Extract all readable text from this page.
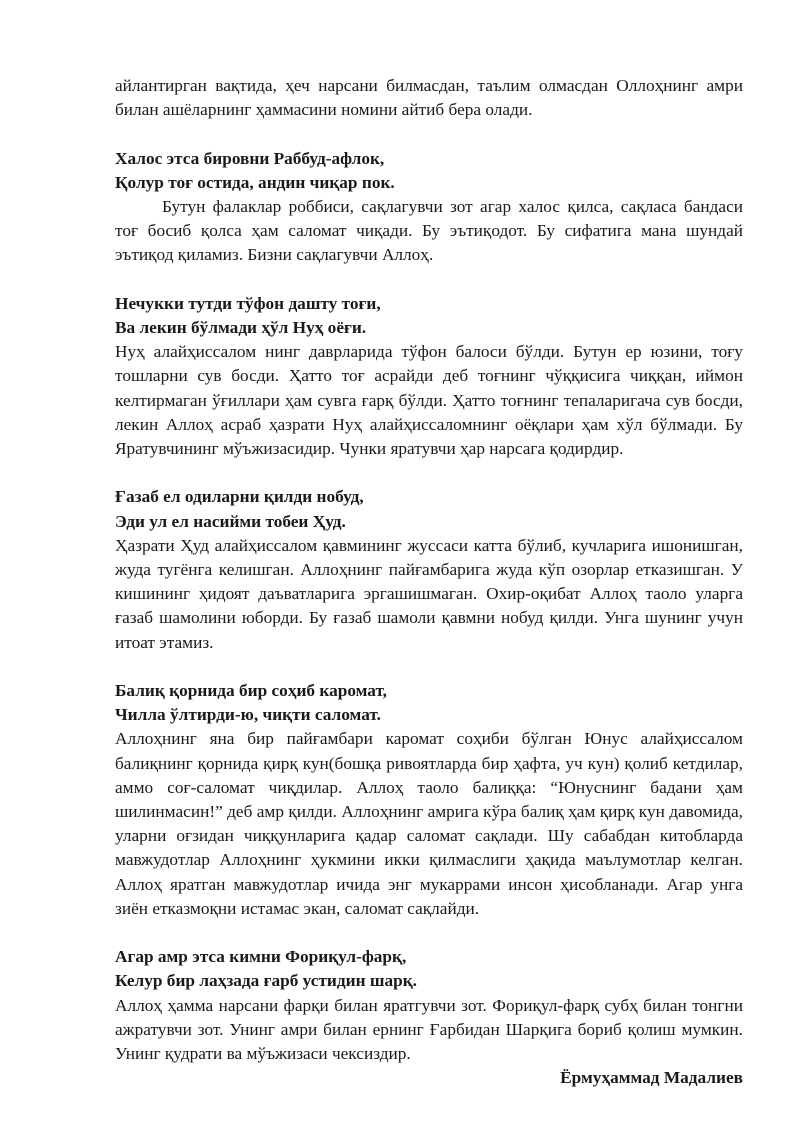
айлантирган вақтида, ҳеч нарсани билмасдан, таълим олмасдан Оллоҳнинг амри билан ашёларнинг ҳаммасини номини айтиб бера олади.

Халос этса бировни Раббуд-афлок,

Қолур тоғ остида, андин чиқар пок.

Бутун фалаклар роббиси, сақлагувчи зот агар халос қилса, сақласа бандаси тоғ босиб қолса ҳам саломат чиқади. Бу эътиқодот. Бу сифатига мана шундай эътиқод қиламиз. Бизни сақлагувчи Аллоҳ.

Нечукки тутди тўфон дашту тоғи,

Ва лекин бўлмади ҳўл Нуҳ оёғи.

Нуҳ алайҳиссалом нинг даврларида тўфон балоси бўлди. Бутун ер юзини, тоғу тошларни сув босди. Ҳатто тоғ асрайди деб тоғнинг чўққисига чиққан, иймон келтирмаган ўғиллари ҳам сувга ғарқ бўлди. Ҳатто тоғнинг тепаларигача сув босди, лекин Аллоҳ асраб ҳазрати Нуҳ алайҳиссаломнинг оёқлари ҳам хўл бўлмади. Бу Яратувчининг мўъжизасидир. Чунки яратувчи ҳар нарсага қодирдир.

Ғазаб ел одиларни қилди нобуд,

Эди ул ел насийми тобеи Ҳуд.

Ҳазрати Ҳуд алайҳиссалом қавмининг жуссаси катта бўлиб, кучларига ишонишган, жуда тугёнга келишган. Аллоҳнинг пайғамбарига жуда кўп озорлар етказишган. У кишининг ҳидоят даъватларига эргашишмаган. Охир-оқибат Аллоҳ таоло уларга ғазаб шамолини юборди. Бу ғазаб шамоли қавмни нобуд қилди. Унга шунинг учун итоат этамиз.

Балиқ қорнида бир соҳиб каромат,

Чилла ўлтирди-ю, чиқти саломат.

Аллоҳнинг яна бир пайғамбари каромат соҳиби бўлган Юнус алайҳиссалом балиқнинг қорнида қирқ кун(бошқа ривоятларда бир ҳафта, уч кун) қолиб кетдилар, аммо соғ-саломат чиқдилар. Аллоҳ таоло балиққа: “Юнуснинг бадани ҳам шилинмасин!” деб амр қилди. Аллоҳнинг амрига кўра балиқ ҳам қирқ кун давомида, уларни оғзидан чиққунларига қадар саломат сақлади. Шу сабабдан китобларда мавжудотлар Аллоҳнинг ҳукмини икки қилмаслиги ҳақида маълумотлар келган. Аллоҳ яратган мавжудотлар ичида энг мукаррами инсон ҳисобланади. Агар унга зиён етказмоқни истамас экан, саломат сақлайди.

Агар амр этса кимни Фориқул-фарқ,

Келур бир лаҳзада ғарб устидин шарқ.

Аллоҳ ҳамма нарсани фарқи билан яратгувчи зот. Фориқул-фарқ субҳ билан тонгни ажратувчи зот. Унинг амри билан ернинг Ғарбидан Шарқига бориб қолиш мумкин. Унинг қудрати ва мўъжизаси чексиздир.

Ёрмуҳаммад Мадалиев
